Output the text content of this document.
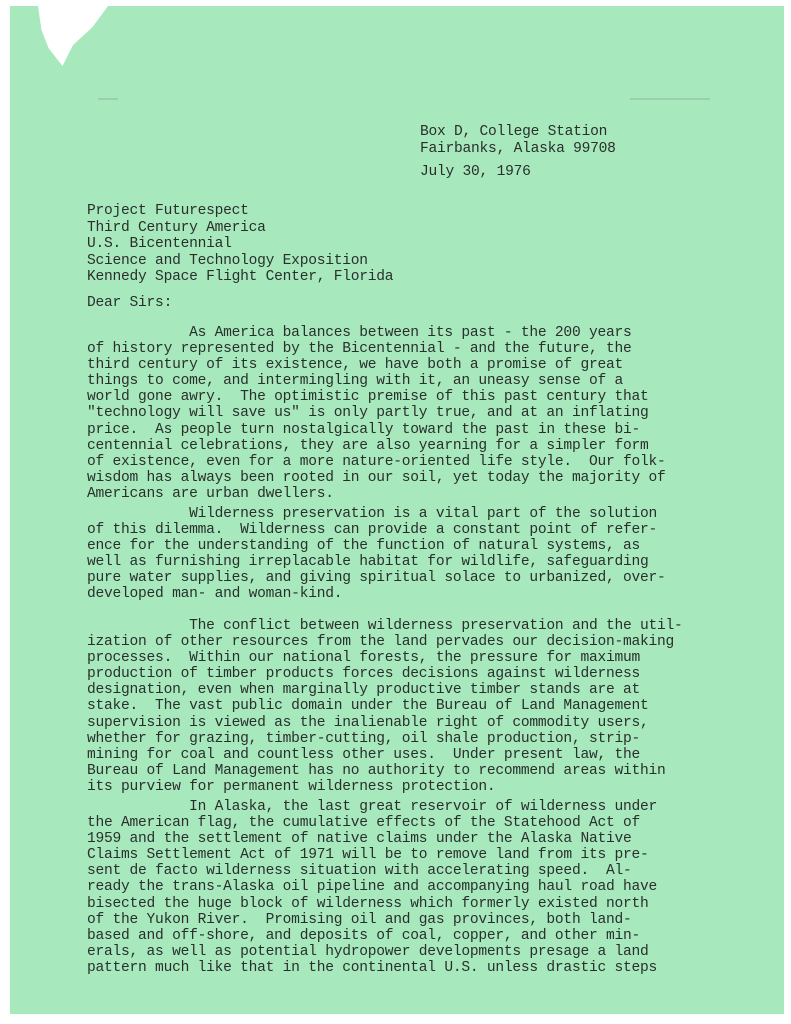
Box D, College Station
Fairbanks, Alaska 99708
July 30, 1976
Project Futurespect
Third Century America
U.S. Bicentennial
Science and Technology Exposition
Kennedy Space Flight Center, Florida
Dear Sirs:
As America balances between its past - the 200 years
of history represented by the Bicentennial - and the future, the
third century of its existence, we have both a promise of great
things to come, and intermingling with it, an uneasy sense of a
world gone awry.  The optimistic premise of this past century that
"technology will save us" is only partly true, and at an inflating
price.  As people turn nostalgically toward the past in these bi-
centennial celebrations, they are also yearning for a simpler form
of existence, even for a more nature-oriented life style.  Our folk-
wisdom has always been rooted in our soil, yet today the majority of
Americans are urban dwellers.
Wilderness preservation is a vital part of the solution
of this dilemma.  Wilderness can provide a constant point of refer-
ence for the understanding of the function of natural systems, as
well as furnishing irreplacable habitat for wildlife, safeguarding
pure water supplies, and giving spiritual solace to urbanized, over-
developed man- and woman-kind.
The conflict between wilderness preservation and the util-
ization of other resources from the land pervades our decision-making
processes.  Within our national forests, the pressure for maximum
production of timber products forces decisions against wilderness
designation, even when marginally productive timber stands are at
stake.  The vast public domain under the Bureau of Land Management
supervision is viewed as the inalienable right of commodity users,
whether for grazing, timber-cutting, oil shale production, strip-
mining for coal and countless other uses.  Under present law, the
Bureau of Land Management has no authority to recommend areas within
its purview for permanent wilderness protection.
In Alaska, the last great reservoir of wilderness under
the American flag, the cumulative effects of the Statehood Act of
1959 and the settlement of native claims under the Alaska Native
Claims Settlement Act of 1971 will be to remove land from its pre-
sent de facto wilderness situation with accelerating speed.  Al-
ready the trans-Alaska oil pipeline and accompanying haul road have
bisected the huge block of wilderness which formerly existed north
of the Yukon River.  Promising oil and gas provinces, both land-
based and off-shore, and deposits of coal, copper, and other min-
erals, as well as potential hydropower developments presage a land
pattern much like that in the continental U.S. unless drastic steps
